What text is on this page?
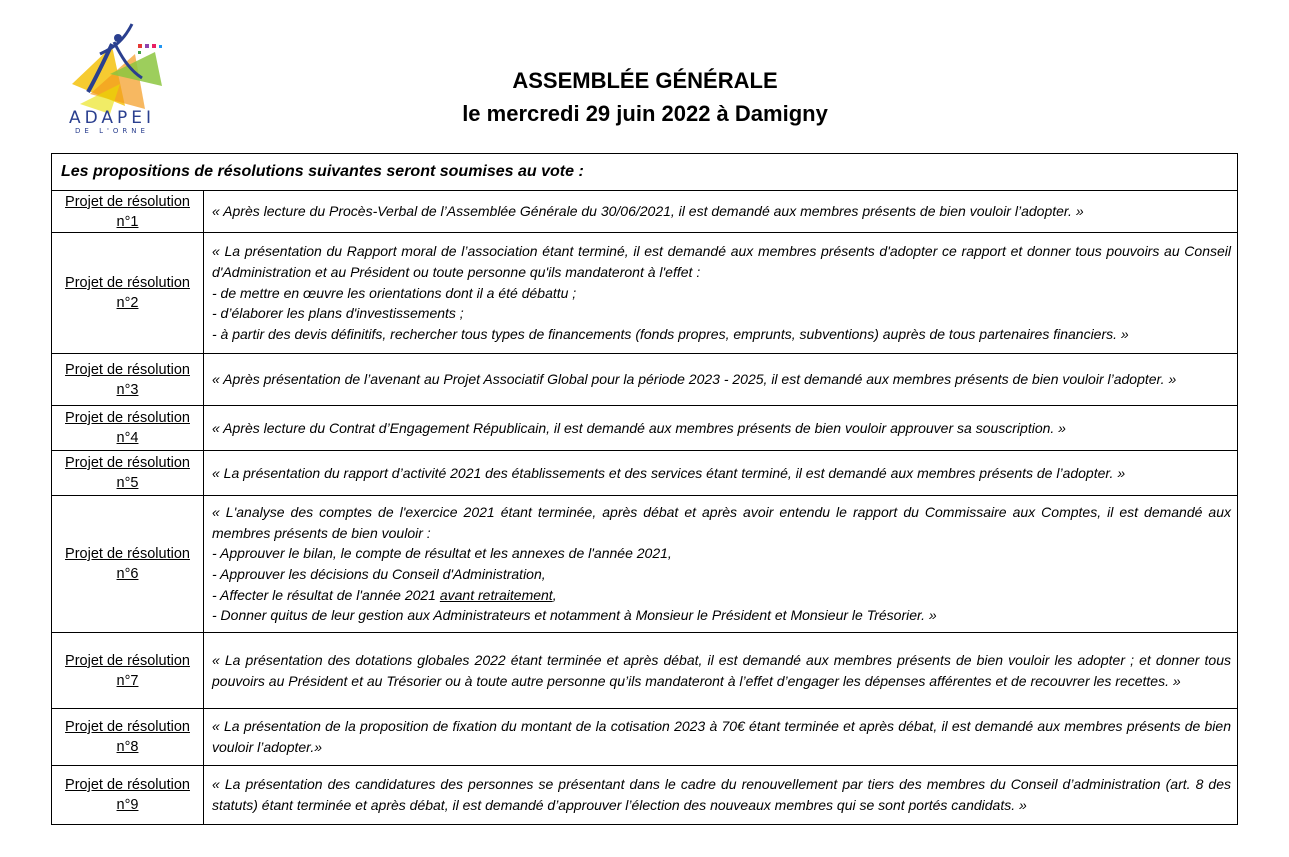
ADAPEI
DE L'ORNE
ASSEMBLÉE GÉNÉRALE
le mercredi 29 juin 2022 à Damigny
Les propositions de résolutions suivantes seront soumises au vote :	

Projet de résolution
n°1	« Après lecture du Procès-Verbal de l’Assemblée Générale du 30/06/2021, il est demandé aux membres présents de bien vouloir l’adopter. »

Projet de résolution
n°2	« La présentation du Rapport moral de l’association étant terminé, il est demandé aux membres présents d'adopter ce rapport et donner tous pouvoirs au Conseil d'Administration et au Président ou toute personne qu'ils mandateront à l'effet :
- de mettre en œuvre les orientations dont il a été débattu ;
- d’élaborer les plans d'investissements ;
- à partir des devis définitifs, rechercher tous types de financements (fonds propres, emprunts, subventions) auprès de tous partenaires financiers. »

Projet de résolution
n°3	« Après présentation de l’avenant au Projet Associatif Global pour la période 2023 - 2025, il est demandé aux membres présents de bien vouloir l’adopter. »

Projet de résolution
n°4	« Après lecture du Contrat d’Engagement Républicain, il est demandé aux membres présents de bien vouloir approuver sa souscription. »

Projet de résolution
n°5	« La présentation du rapport d’activité 2021 des établissements et des services étant terminé, il est demandé aux membres présents de l’adopter. »

Projet de résolution
n°6	« L'analyse des comptes de l'exercice 2021 étant terminée, après débat et après avoir entendu le rapport du Commissaire aux Comptes, il est demandé aux membres présents de bien vouloir :
- Approuver le bilan, le compte de résultat et les annexes de l'année 2021,
- Approuver les décisions du Conseil d'Administration,
- Affecter le résultat de l'année 2021 avant retraitement,
- Donner quitus de leur gestion aux Administrateurs et notamment à Monsieur le Président et Monsieur le Trésorier. »

Projet de résolution
n°7	« La présentation des dotations globales 2022 étant terminée et après débat, il est demandé aux membres présents de bien vouloir les adopter ; et donner tous pouvoirs au Président et au Trésorier ou à toute autre personne qu’ils mandateront à l’effet d’engager les dépenses afférentes et de recouvrer les recettes. »

Projet de résolution
n°8	« La présentation de la proposition de fixation du montant de la cotisation 2023 à 70€ étant terminée et après débat, il est demandé aux membres présents de bien vouloir l’adopter.»

Projet de résolution
n°9	« La présentation des candidatures des personnes se présentant dans le cadre du renouvellement par tiers des membres du Conseil d’administration (art. 8 des statuts) étant terminée et après débat, il est demandé d’approuver l’élection des nouveaux membres qui se sont portés candidats. »
